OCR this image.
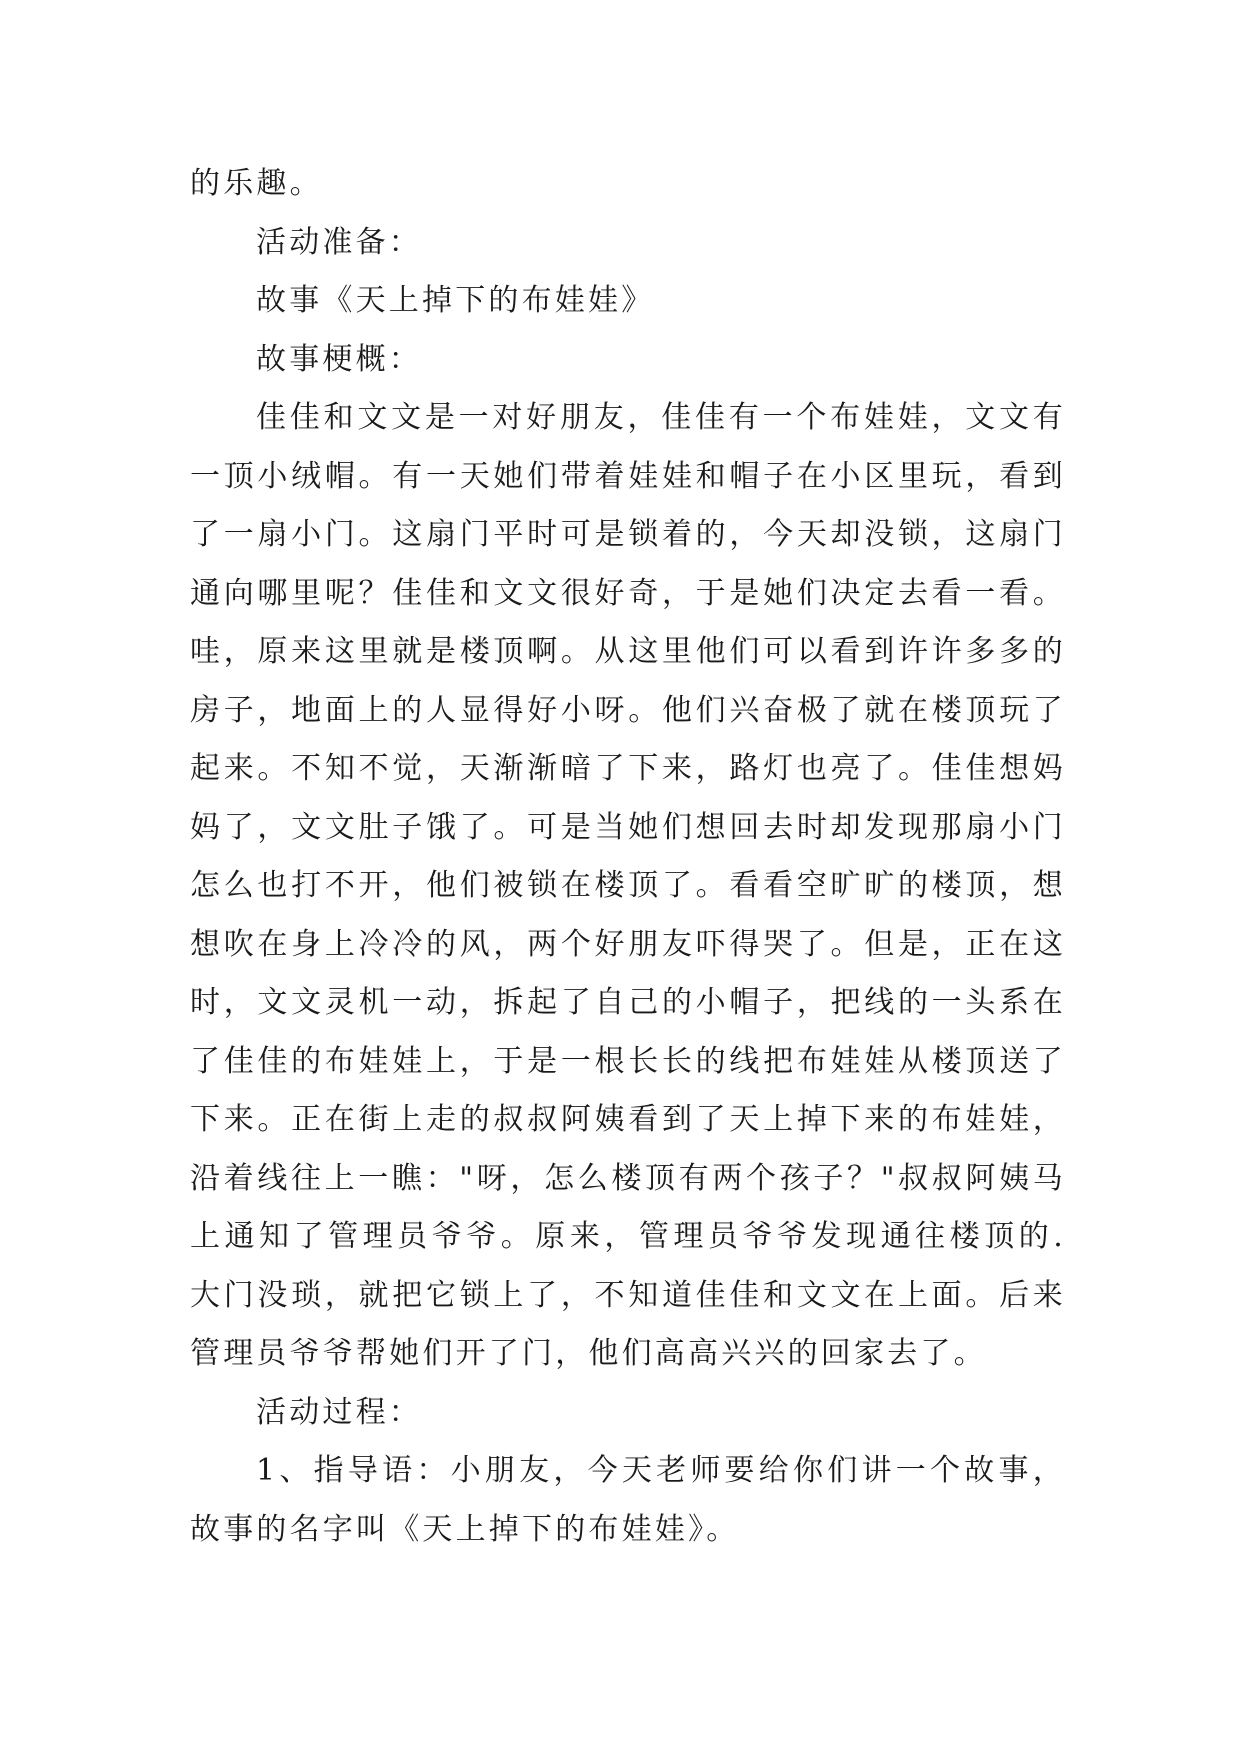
的乐趣。

活动准备：

故事《天上掉下的布娃娃》

故事梗概：

佳佳和文文是一对好朋友，佳佳有一个布娃娃，文文有
一顶小绒帽。有一天她们带着娃娃和帽子在小区里玩，看到
了一扇小门。这扇门平时可是锁着的，今天却没锁，这扇门
通向哪里呢？佳佳和文文很好奇，于是她们决定去看一看。
哇，原来这里就是楼顶啊。从这里他们可以看到许许多多的
房子，地面上的人显得好小呀。他们兴奋极了就在楼顶玩了
起来。不知不觉，天渐渐暗了下来，路灯也亮了。佳佳想妈
妈了，文文肚子饿了。可是当她们想回去时却发现那扇小门
怎么也打不开，他们被锁在楼顶了。看看空旷旷的楼顶，想
想吹在身上冷冷的风，两个好朋友吓得哭了。但是，正在这
时，文文灵机一动，拆起了自己的小帽子，把线的一头系在
了佳佳的布娃娃上，于是一根长长的线把布娃娃从楼顶送了
下来。正在街上走的叔叔阿姨看到了天上掉下来的布娃娃，
沿着线往上一瞧："呀，怎么楼顶有两个孩子？"叔叔阿姨马
上通知了管理员爷爷。原来，管理员爷爷发现通往楼顶的.
大门没琐，就把它锁上了，不知道佳佳和文文在上面。后来
管理员爷爷帮她们开了门，他们高高兴兴的回家去了。

活动过程：

1、指导语：小朋友，今天老师要给你们讲一个故事，
故事的名字叫《天上掉下的布娃娃》。
